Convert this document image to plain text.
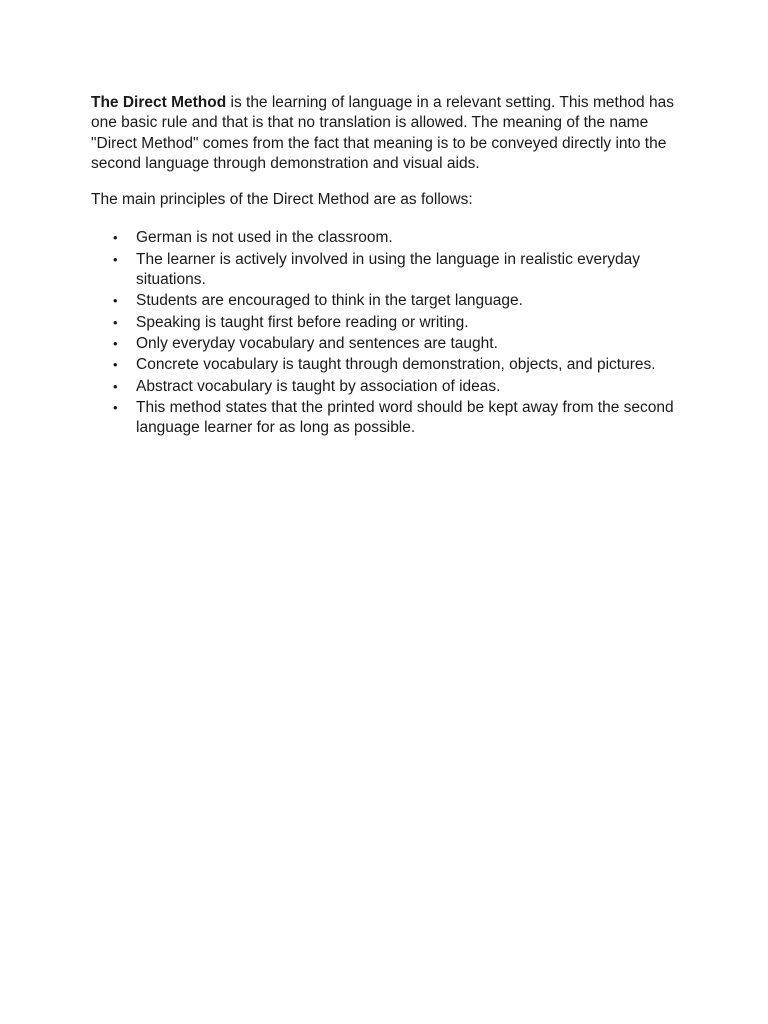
The Direct Method is the learning of language in a relevant setting. This method has one basic rule and that is that no translation is allowed. The meaning of the name "Direct Method" comes from the fact that meaning is to be conveyed directly into the second language through demonstration and visual aids.

The main principles of the Direct Method are as follows:

• German is not used in the classroom.
• The learner is actively involved in using the language in realistic everyday situations.
• Students are encouraged to think in the target language.
• Speaking is taught first before reading or writing.
• Only everyday vocabulary and sentences are taught.
• Concrete vocabulary is taught through demonstration, objects, and pictures.
• Abstract vocabulary is taught by association of ideas.
• This method states that the printed word should be kept away from the second language learner for as long as possible.
